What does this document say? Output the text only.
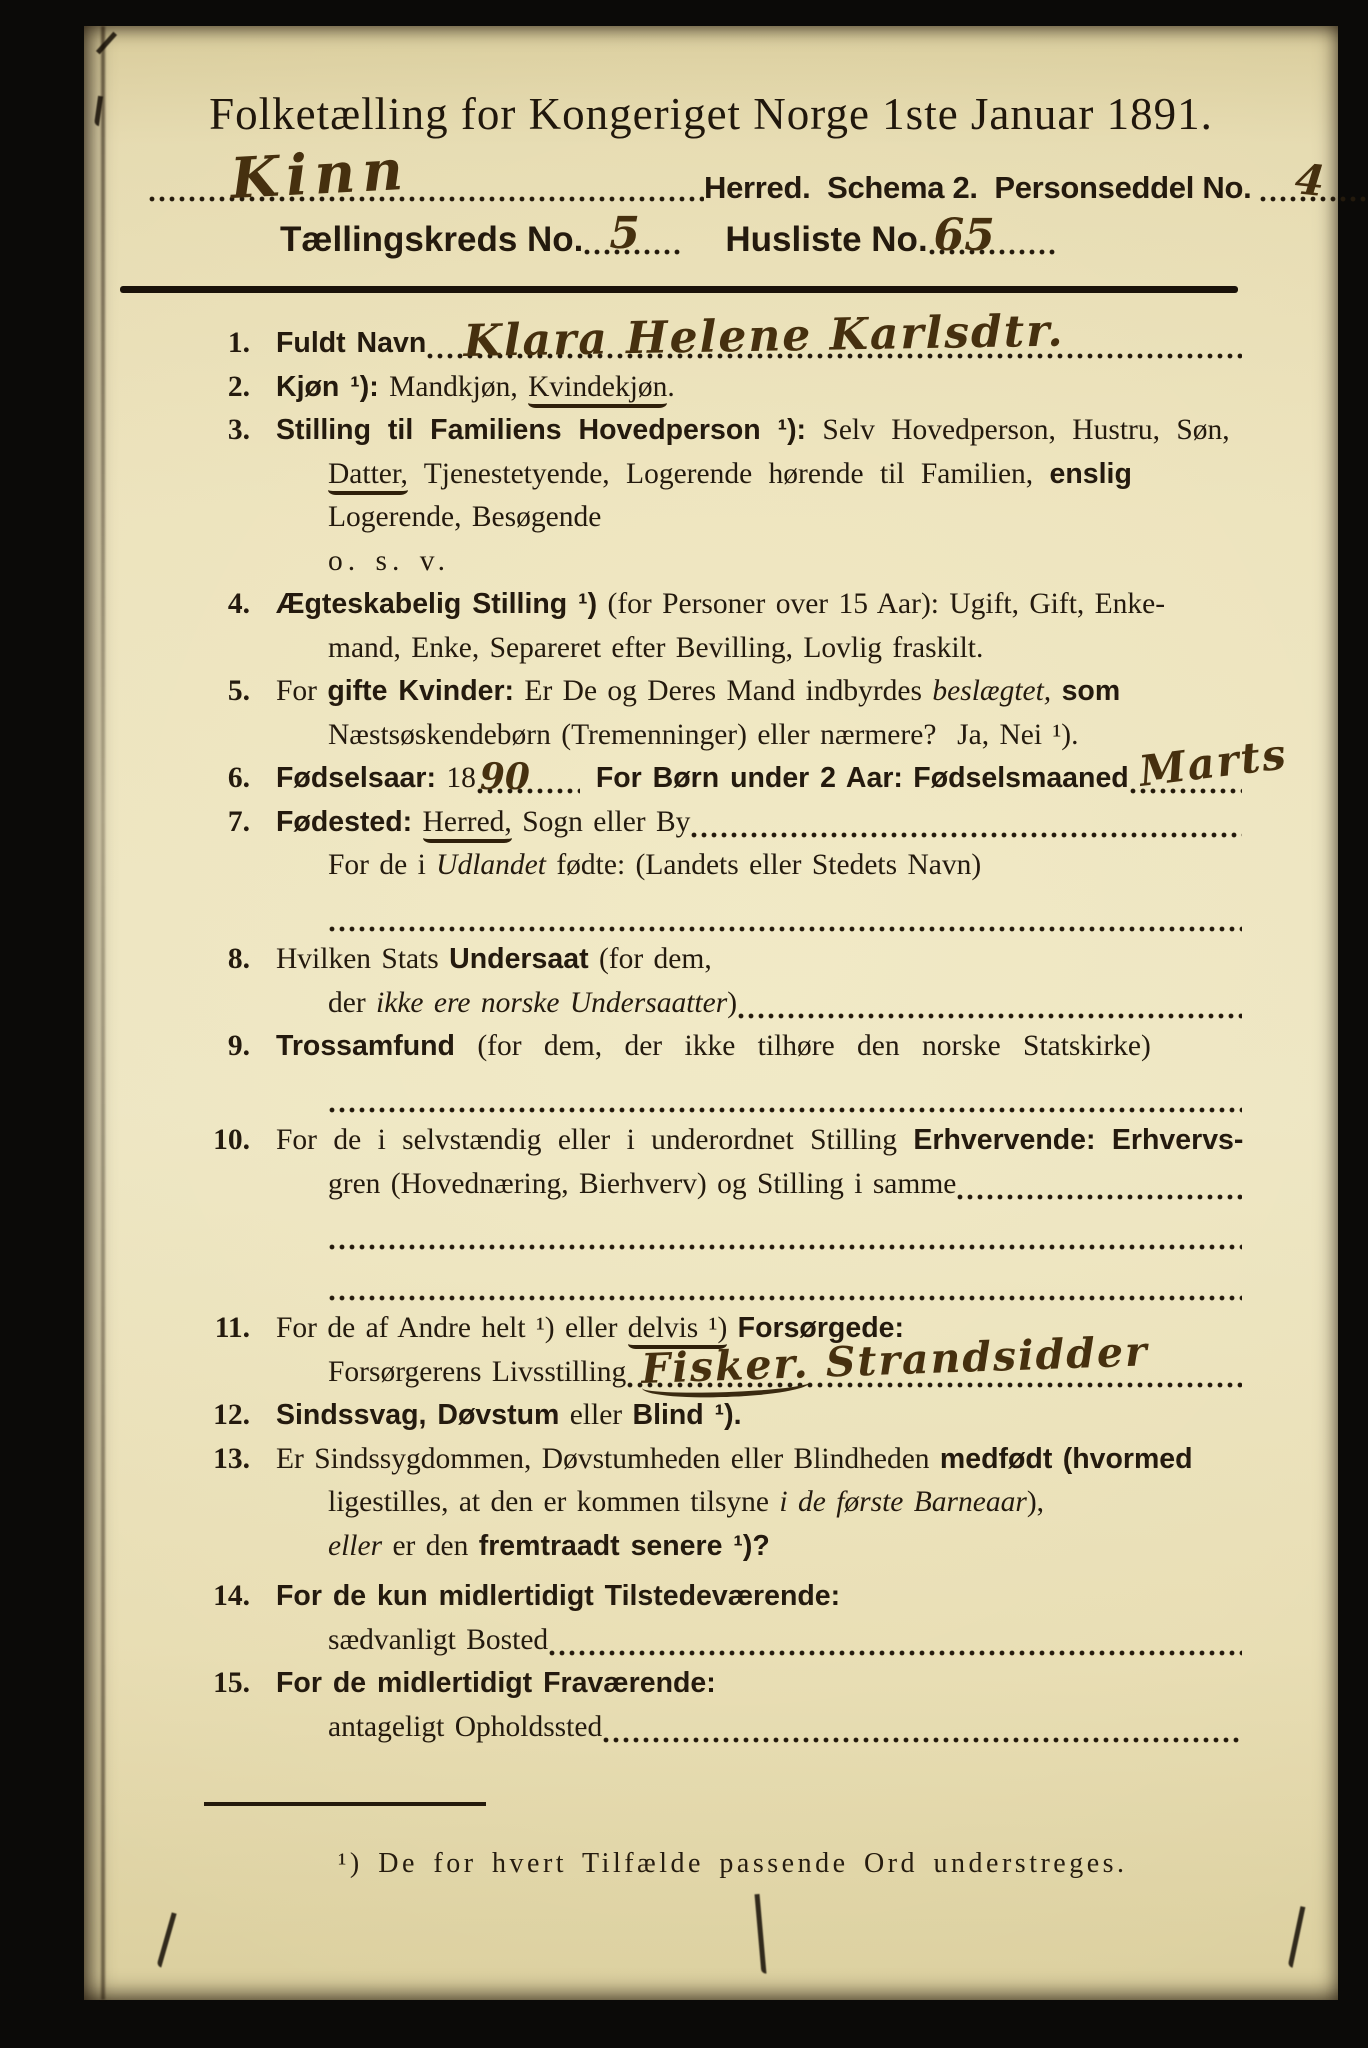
Folketælling for Kongeriget Norge 1ste Januar 1891.
Kinn	Herred.  Schema 2.  Personseddel No. 4
Tællingskreds No. 5 Husliste No. 65
1. Fuldt Navn Klara Helene Karlsdtr.
2. Kjøn ¹): Mandkjøn, Kvindekjøn.
3. Stilling til Familiens Hovedperson ¹): Selv Hovedperson, Hustru, Søn,
Datter, Tjenestetyende, Logerende hørende til Familien, enslig
Logerende, Besøgende
o. s. v.
4. Ægteskabelig Stilling ¹) (for Personer over 15 Aar): Ugift, Gift, Enke-
mand, Enke, Separeret efter Bevilling, Lovlig fraskilt.
5. For gifte Kvinder: Er De og Deres Mand indbyrdes beslægtet, som
Næstsøskendebørn (Tremenninger) eller nærmere?  Ja, Nei ¹).
6. Fødselsaar: 18 90 For Børn under 2 Aar: Fødselsmaaned Marts
7. Fødested: Herred, Sogn eller By
For de i Udlandet fødte: (Landets eller Stedets Navn)
8. Hvilken Stats Undersaat (for dem,
der ikke ere norske Undersaatter)
9. Trossamfund (for dem, der ikke tilhøre den norske Statskirke)
10. For de i selvstændig eller i underordnet Stilling Erhvervende: Erhvervs-
gren (Hovednæring, Bierhverv) og Stilling i samme
11. For de af Andre helt ¹) eller delvis ¹) Forsørgede:
Forsørgerens Livsstilling Fisker. Strandsidder
12. Sindssvag, Døvstum eller Blind ¹).
13. Er Sindssygdommen, Døvstumheden eller Blindheden medfødt (hvormed
ligestilles, at den er kommen tilsyne i de første Barneaar),
eller er den fremtraadt senere ¹)?
14. For de kun midlertidigt Tilstedeværende:
sædvanligt Bosted
15. For de midlertidigt Fraværende:
antageligt Opholdssted
¹) De for hvert Tilfælde passende Ord understreges.
